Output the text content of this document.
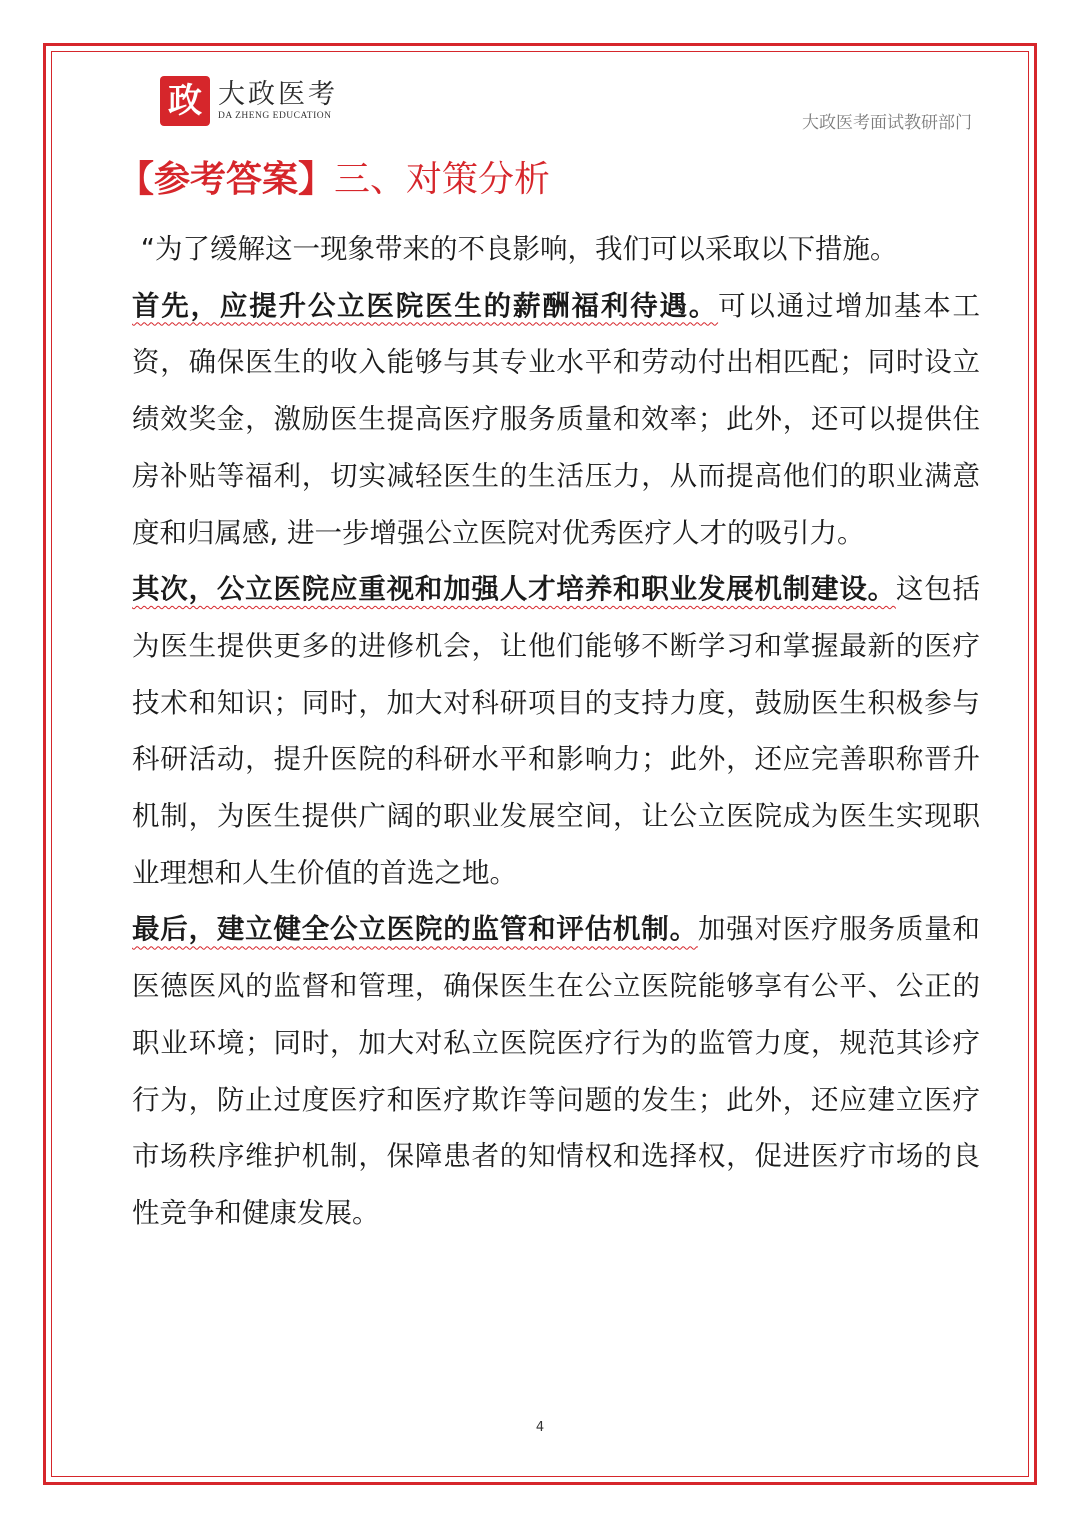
政 大政医考
DA ZHENG EDUCATION	大政医考面试教研部门
【参考答案】三、对策分析

“为了缓解这一现象带来的不良影响，我们可以采取以下措施。

首先，应提升公立医院医生的薪酬福利待遇。可以通过增加基本工资，确保医生的收入能够与其专业水平和劳动付出相匹配；同时设立绩效奖金，激励医生提高医疗服务质量和效率；此外，还可以提供住房补贴等福利，切实减轻医生的生活压力，从而提高他们的职业满意度和归属感, 进一步增强公立医院对优秀医疗人才的吸引力。

其次，公立医院应重视和加强人才培养和职业发展机制建设。这包括为医生提供更多的进修机会，让他们能够不断学习和掌握最新的医疗技术和知识；同时，加大对科研项目的支持力度，鼓励医生积极参与科研活动，提升医院的科研水平和影响力；此外，还应完善职称晋升机制，为医生提供广阔的职业发展空间，让公立医院成为医生实现职业理想和人生价值的首选之地。

最后，建立健全公立医院的监管和评估机制。加强对医疗服务质量和医德医风的监督和管理，确保医生在公立医院能够享有公平、公正的职业环境；同时，加大对私立医院医疗行为的监管力度，规范其诊疗行为，防止过度医疗和医疗欺诈等问题的发生；此外，还应建立医疗市场秩序维护机制，保障患者的知情权和选择权，促进医疗市场的良性竞争和健康发展。

4
